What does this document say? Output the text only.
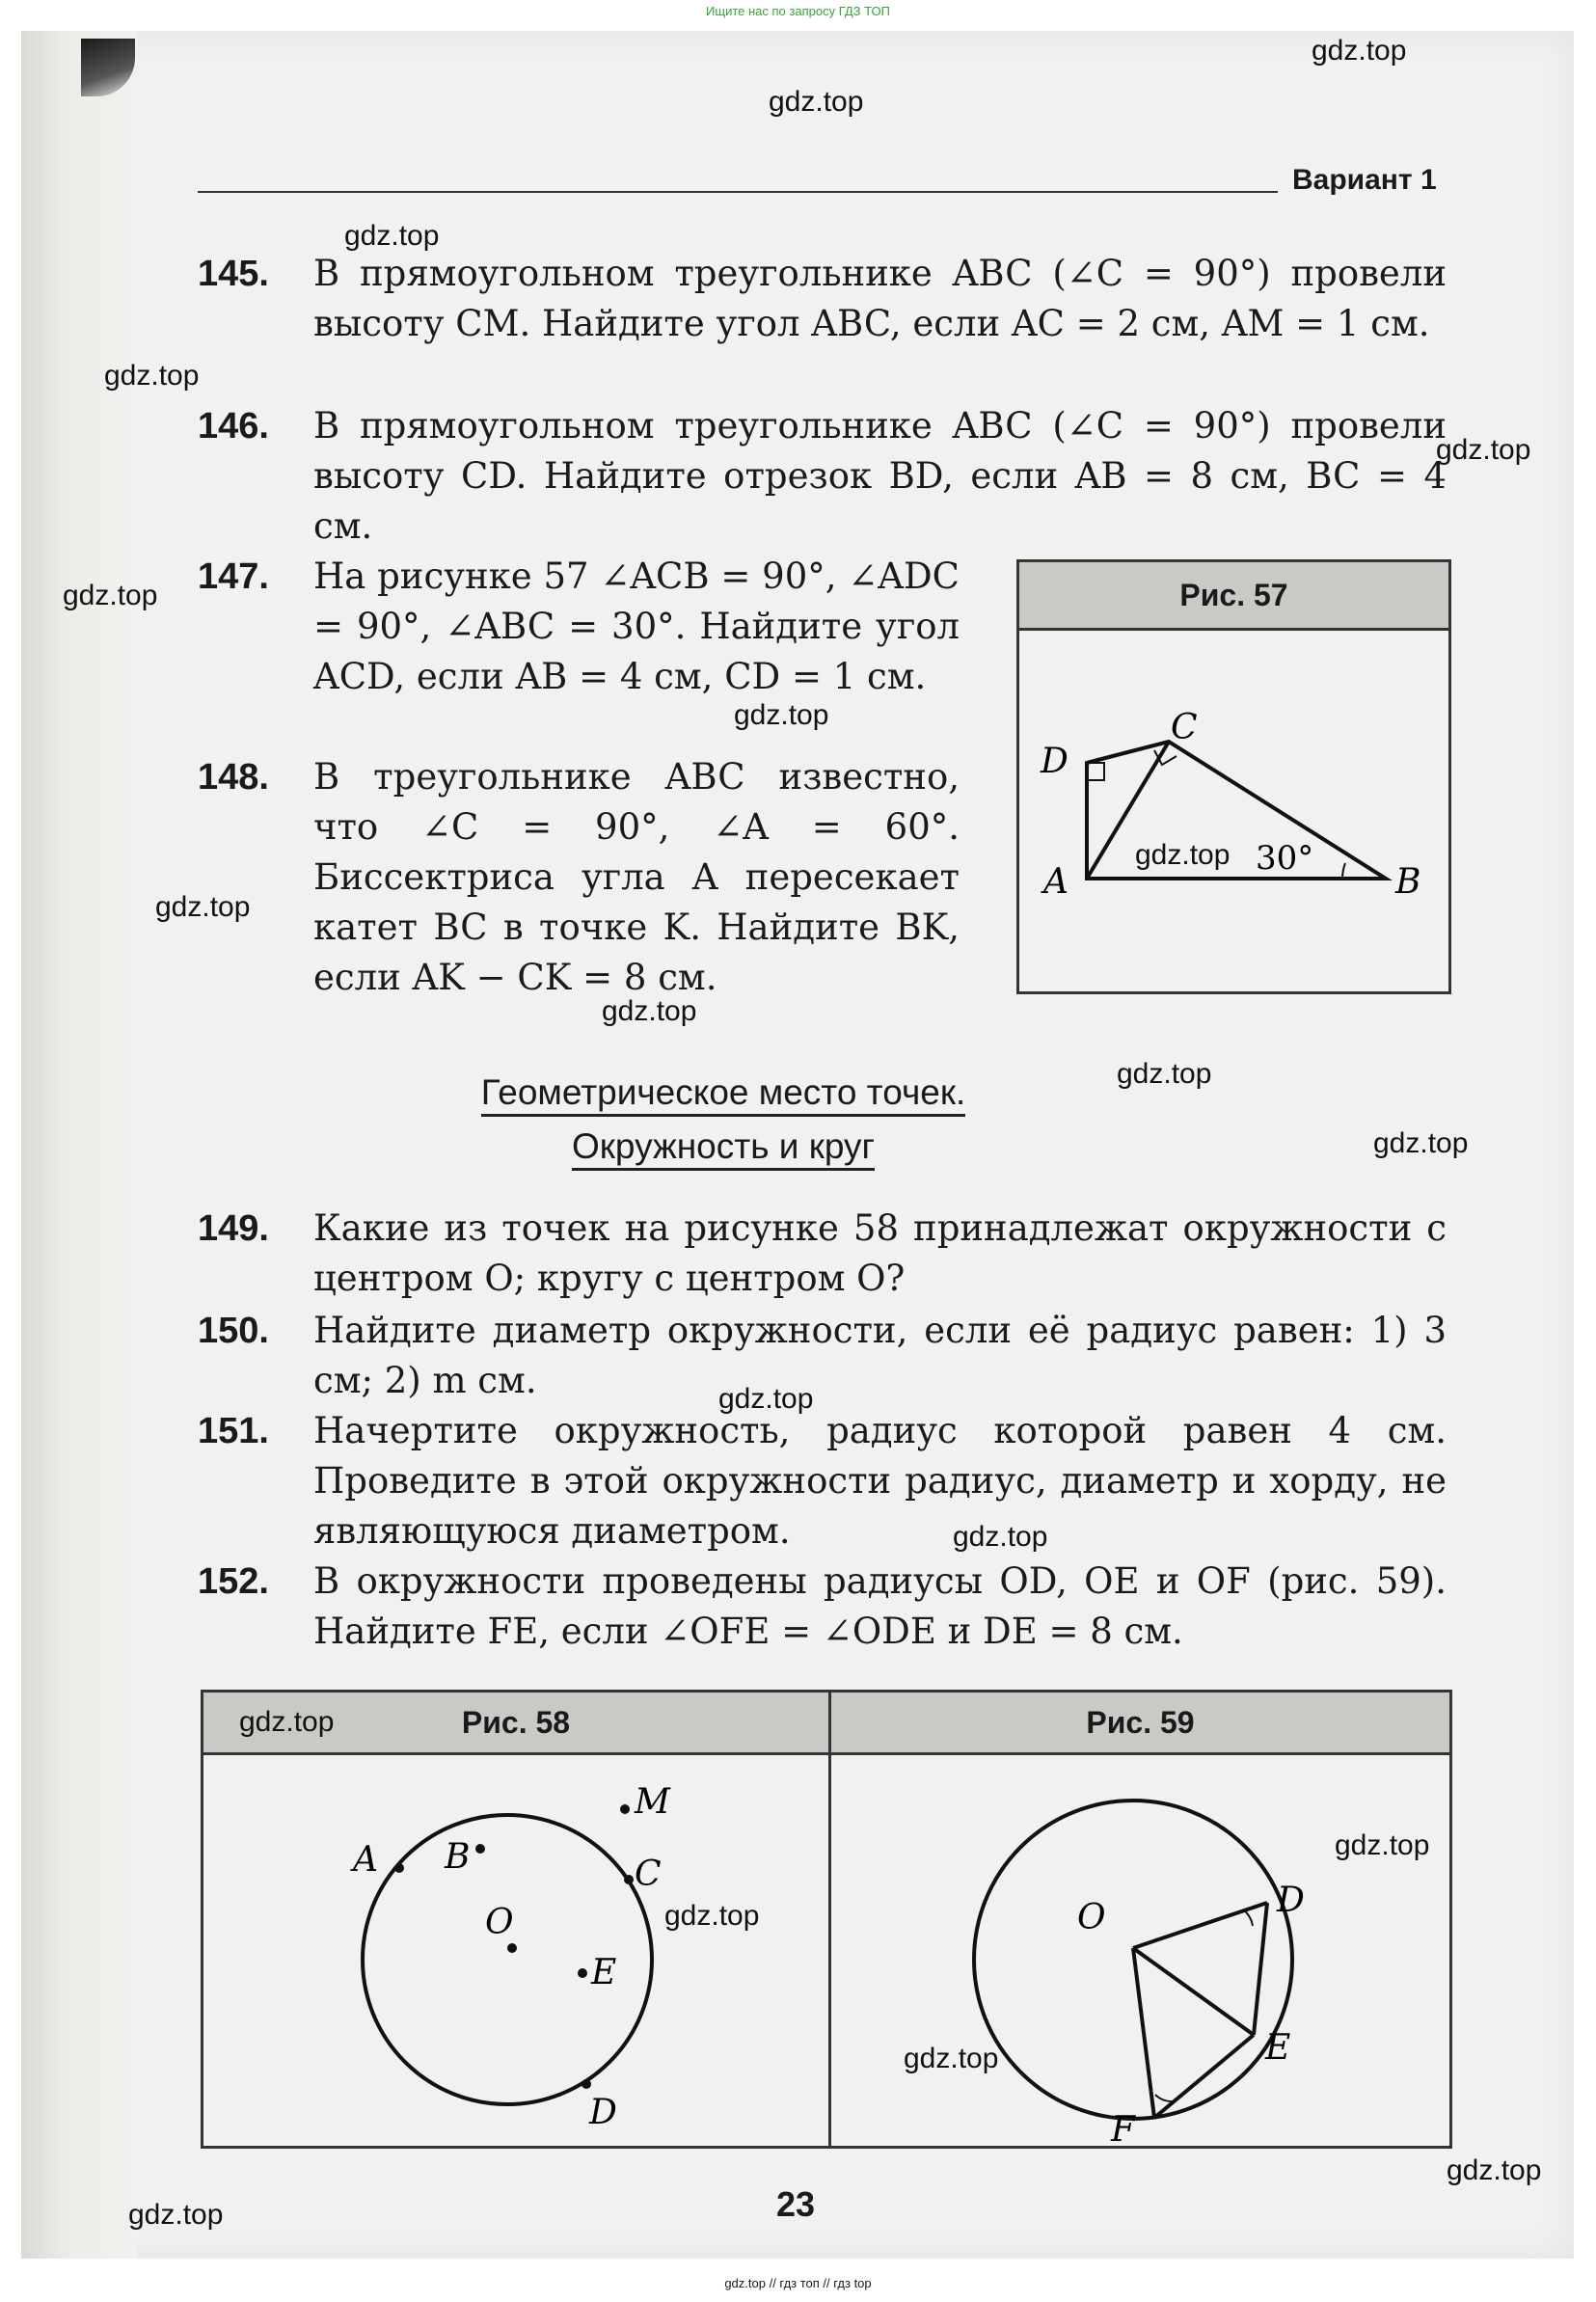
Ищите нас по запросу ГДЗ ТОП
Вариант 1
145.	В прямоугольном треугольнике ABC (∠C = 90°) провели высоту CM. Найдите угол ABC, если AC = 2 см, AM = 1 см.
146.	В прямоугольном треугольнике ABC (∠C = 90°) провели высоту CD. Найдите отрезок BD, если AB = 8 см, BC = 4 см.
147.	На рисунке 57 ∠ACB = 90°, ∠ADC = 90°, ∠ABC = 30°. Найдите угол ACD, если AB = 4 см, CD = 1 см.
148.	В треугольнике ABC известно, что ∠C = 90°, ∠A = 60°. Биссектриса угла A пересекает катет BC в точке K. Найдите BK, если AK − CK = 8 см.
Рис. 57
D
C
A	B
30°
Геометрическое место точек.
Окружность и круг
149.	Какие из точек на рисунке 58 принадлежат окружности с центром O; кругу с центром O?
150.	Найдите диаметр окружности, если её радиус равен: 1) 3 см; 2) m см.
151.	Начертите окружность, радиус которой равен 4 см. Проведите в этой окружности радиус, диаметр и хорду, не являющуюся диаметром.
152.	В окружности проведены радиусы OD, OE и OF (рис. 59). Найдите FE, если ∠OFE = ∠ODE и DE = 8 см.
Рис. 58
A B	C
D
E
M
O
Рис. 59
O	D
E
F
23
gdz.top
gdz.top
gdz.top
gdz.top
gdz.top
gdz.top
gdz.top
gdz.top
gdz.top
gdz.top
gdz.top
gdz.top
gdz.top
gdz.top
gdz.top
gdz.top
gdz.top
gdz.top
gdz.top
gdz.top
gdz.top // гдз топ // гдз top
